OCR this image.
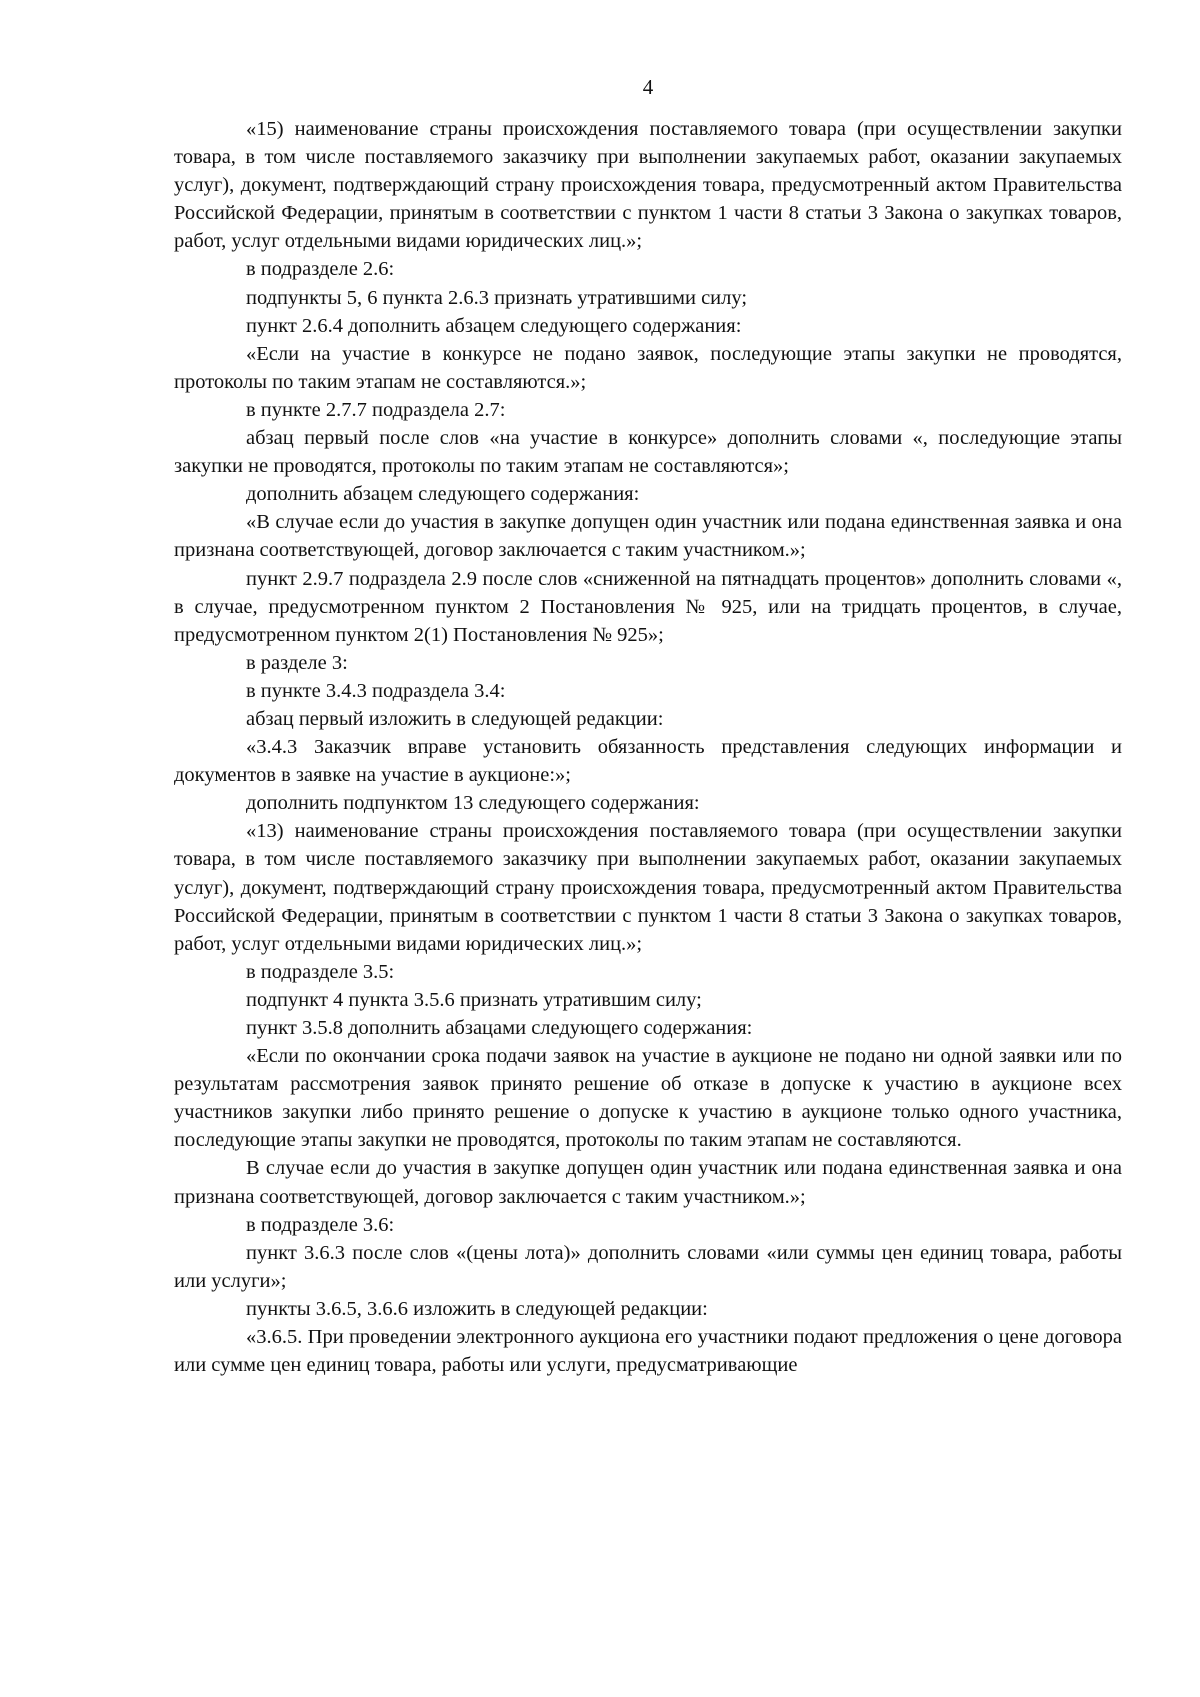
4

«15) наименование страны происхождения поставляемого товара (при осуществлении закупки товара, в том числе поставляемого заказчику при выполнении закупаемых работ, оказании закупаемых услуг), документ, подтверждающий страну происхождения товара, предусмотренный актом Правительства Российской Федерации, принятым в соответствии с пунктом 1 части 8 статьи 3 Закона о закупках товаров, работ, услуг отдельными видами юридических лиц.»;

в подразделе 2.6:

подпункты 5, 6 пункта 2.6.3 признать утратившими силу;

пункт 2.6.4 дополнить абзацем следующего содержания:

«Если на участие в конкурсе не подано заявок, последующие этапы закупки не проводятся, протоколы по таким этапам не составляются.»;

в пункте 2.7.7 подраздела 2.7:

абзац первый после слов «на участие в конкурсе» дополнить словами «, последующие этапы закупки не проводятся, протоколы по таким этапам не составляются»;

дополнить абзацем следующего содержания:

«В случае если до участия в закупке допущен один участник или подана единственная заявка и она признана соответствующей, договор заключается с таким участником.»;

пункт 2.9.7 подраздела 2.9 после слов «сниженной на пятнадцать процентов» дополнить словами «, в случае, предусмотренном пунктом 2 Постановления № 925, или на тридцать процентов, в случае, предусмотренном пунктом 2(1) Постановления № 925»;

в разделе 3:

в пункте 3.4.3 подраздела 3.4:

абзац первый изложить в следующей редакции:

«3.4.3 Заказчик вправе установить обязанность представления следующих информации и документов в заявке на участие в аукционе:»;

дополнить подпунктом 13 следующего содержания:

«13) наименование страны происхождения поставляемого товара (при осуществлении закупки товара, в том числе поставляемого заказчику при выполнении закупаемых работ, оказании закупаемых услуг), документ, подтверждающий страну происхождения товара, предусмотренный актом Правительства Российской Федерации, принятым в соответствии с пунктом 1 части 8 статьи 3 Закона о закупках товаров, работ, услуг отдельными видами юридических лиц.»;

в подразделе 3.5:

подпункт 4 пункта 3.5.6 признать утратившим силу;

пункт 3.5.8 дополнить абзацами следующего содержания:

«Если по окончании срока подачи заявок на участие в аукционе не подано ни одной заявки или по результатам рассмотрения заявок принято решение об отказе в допуске к участию в аукционе всех участников закупки либо принято решение о допуске к участию в аукционе только одного участника, последующие этапы закупки не проводятся, протоколы по таким этапам не составляются.

В случае если до участия в закупке допущен один участник или подана единственная заявка и она признана соответствующей, договор заключается с таким участником.»;

в подразделе 3.6:

пункт 3.6.3 после слов «(цены лота)» дополнить словами «или суммы цен единиц товара, работы или услуги»;

пункты 3.6.5, 3.6.6 изложить в следующей редакции:

«3.6.5. При проведении электронного аукциона его участники подают предложения о цене договора или сумме цен единиц товара, работы или услуги, предусматривающие
